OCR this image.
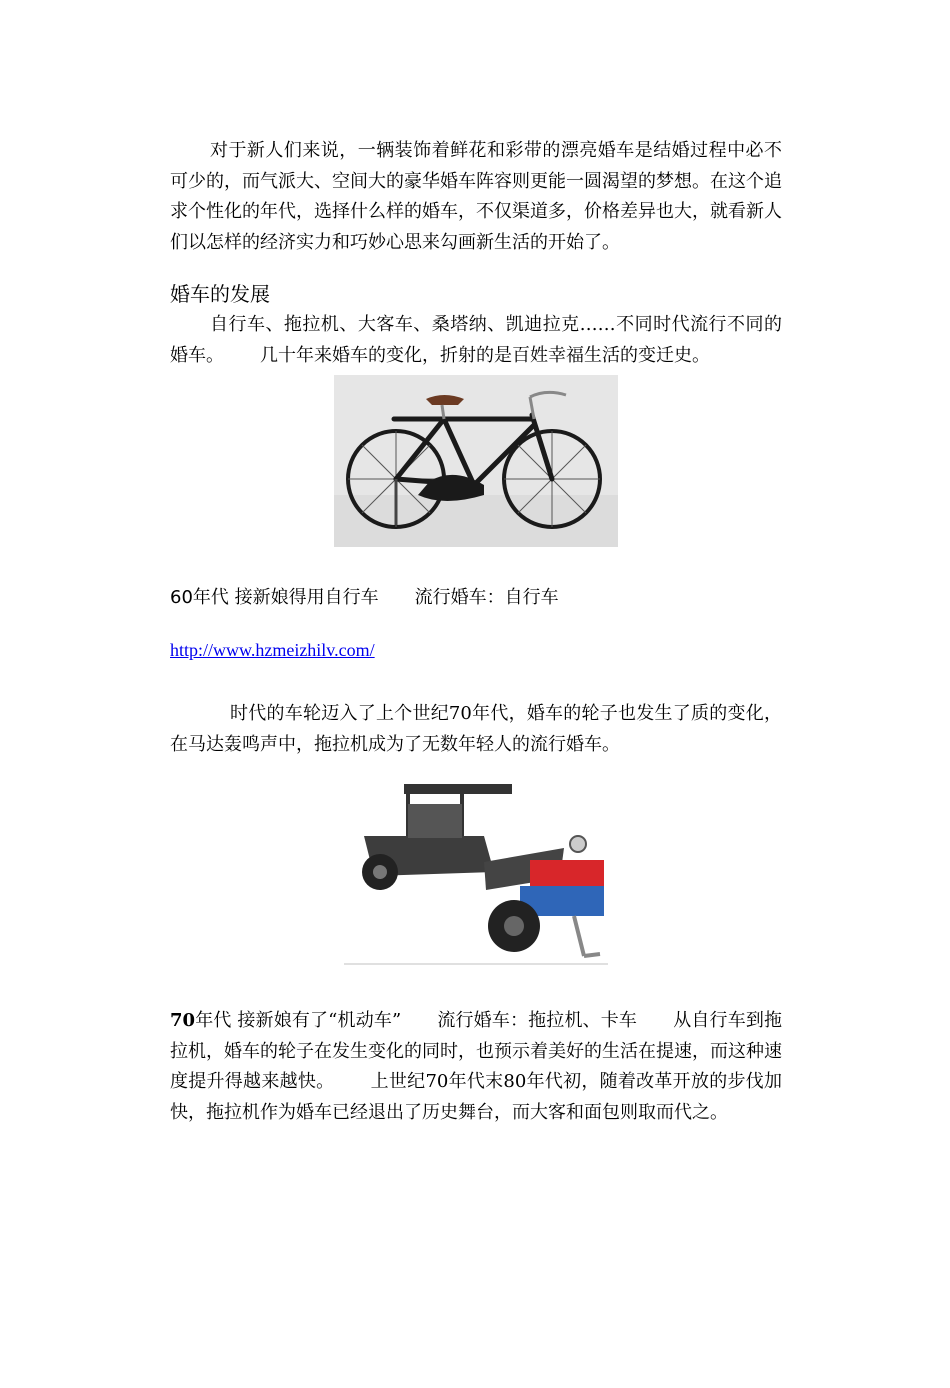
对于新人们来说，一辆装饰着鲜花和彩带的漂亮婚车是结婚过程中必不可少的，而气派大、空间大的豪华婚车阵容则更能一圆渴望的梦想。在这个追求个性化的年代，选择什么样的婚车，不仅渠道多，价格差异也大，就看新人们以怎样的经济实力和巧妙心思来勾画新生活的开始了。

婚车的发展

自行车、拖拉机、大客车、桑塔纳、凯迪拉克……不同时代流行不同的婚车。 几十年来婚车的变化，折射的是百姓幸福生活的变迁史。

60年代 接新娘得用自行车 流行婚车：自行车
http://www.hzmeizhilv.com/

时代的车轮迈入了上个世纪70年代，婚车的轮子也发生了质的变化，在马达轰鸣声中，拖拉机成为了无数年轻人的流行婚车。

70年代 接新娘有了“机动车” 流行婚车：拖拉机、卡车 从自行车到拖拉机，婚车的轮子在发生变化的同时，也预示着美好的生活在提速，而这种速度提升得越来越快。 上世纪70年代末80年代初，随着改革开放的步伐加快，拖拉机作为婚车已经退出了历史舞台，而大客和面包则取而代之。
